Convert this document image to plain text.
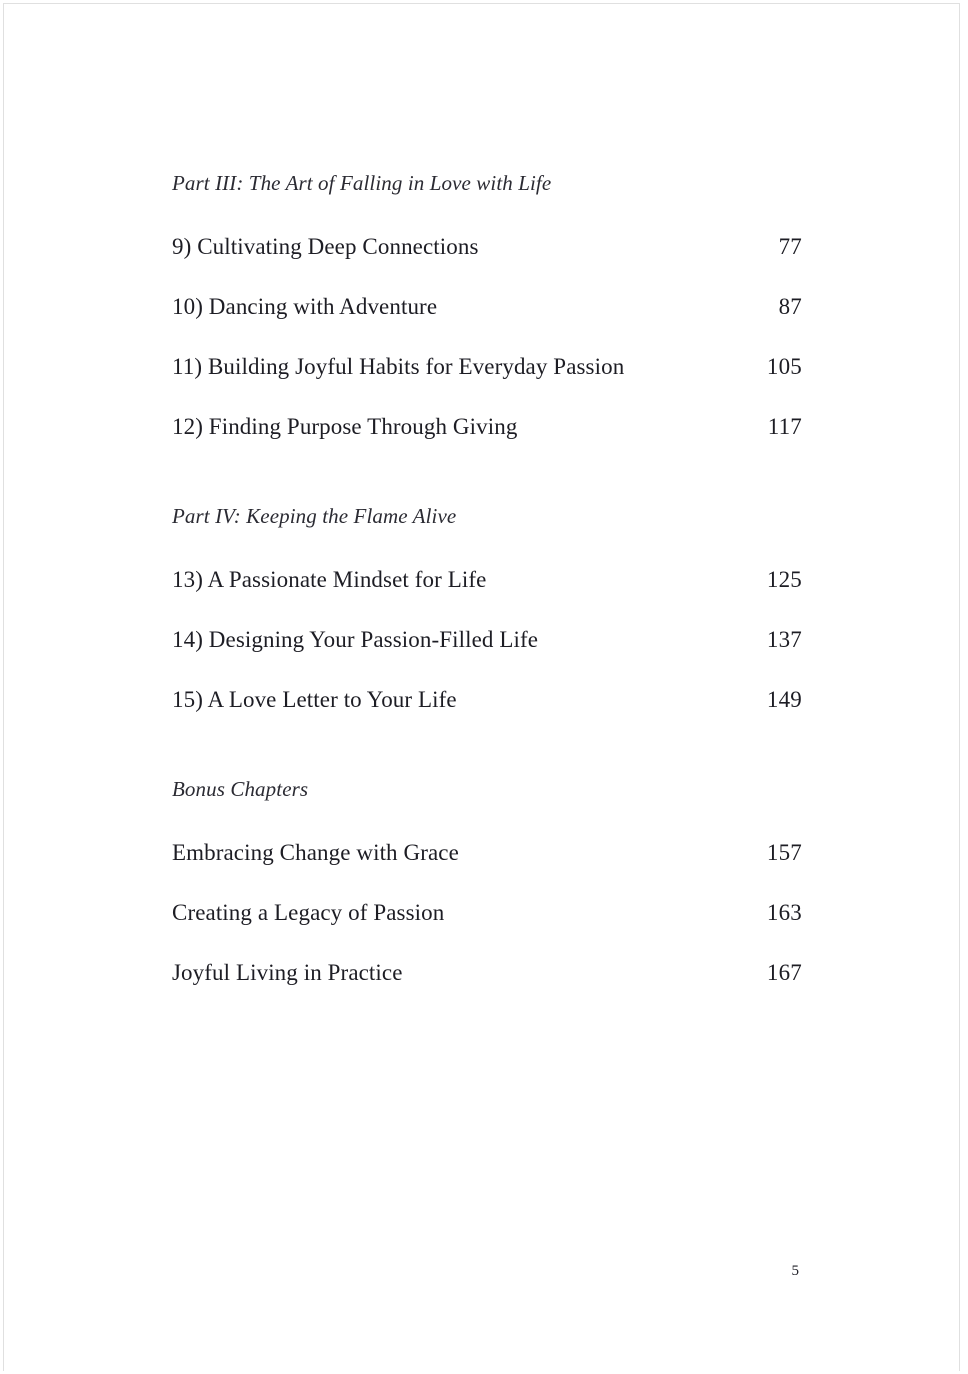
Part III: The Art of Falling in Love with Life
9) Cultivating Deep Connections	77
10) Dancing with Adventure	87
11) Building Joyful Habits for Everyday Passion	105
12) Finding Purpose Through Giving	117
Part IV: Keeping the Flame Alive
13) A Passionate Mindset for Life	125
14) Designing Your Passion-Filled Life	137
15) A Love Letter to Your Life	149
Bonus Chapters
Embracing Change with Grace	157
Creating a Legacy of Passion	163
Joyful Living in Practice	167
5
